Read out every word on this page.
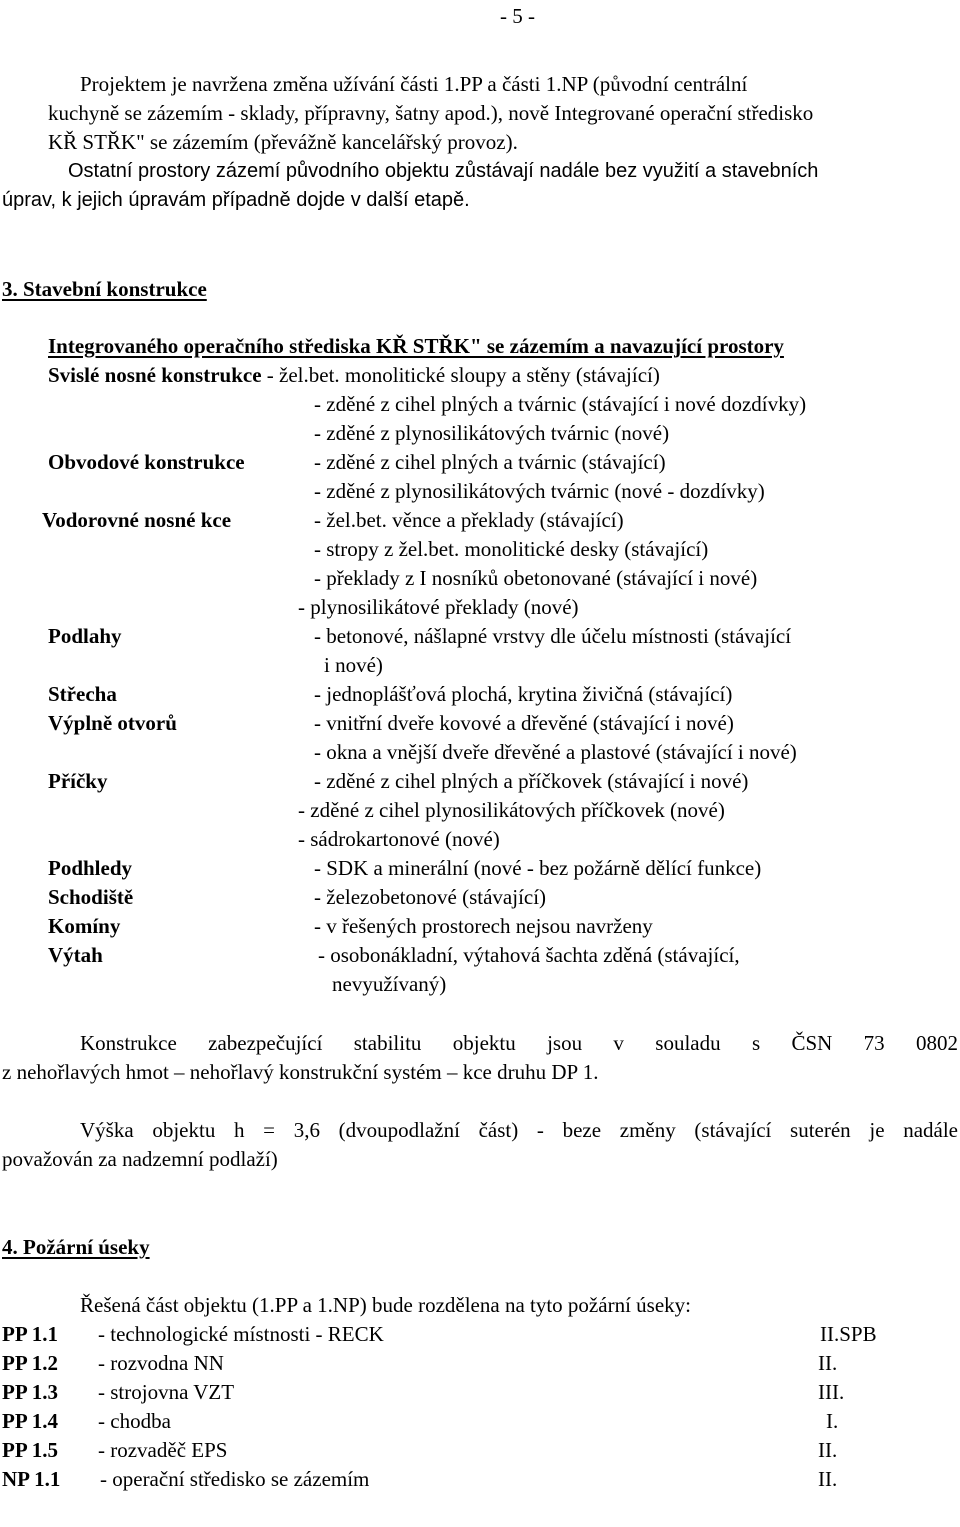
- 5 -

Projektem je navržena změna užívání části 1.PP a části 1.NP (původní centrální

kuchyně se zázemím - sklady, přípravny, šatny apod.), nově Integrované operační středisko

KŘ STŘK" se zázemím (převážně kancelářský provoz).

Ostatní prostory zázemí původního objektu zůstávají nadále bez využití a stavebních

úprav, k jejich úpravám případně dojde v další etapě.

3. Stavební konstrukce

Integrovaného operačního střediska KŘ STŘK" se zázemím a navazující prostory

Svislé nosné konstrukce - žel.bet. monolitické sloupy a stěny (stávající)

- zděné z cihel plných a tvárnic (stávající i nové dozdívky)

- zděné z plynosilikátových tvárnic (nové)

Obvodové konstrukce	- zděné z cihel plných a tvárnic (stávající)

- zděné z plynosilikátových tvárnic (nové - dozdívky)

Vodorovné nosné kce	- žel.bet. věnce a překlady (stávající)

- stropy z žel.bet. monolitické desky (stávající)

- překlady z I nosníků obetonované (stávající i nové)

- plynosilikátové překlady (nové)

Podlahy	- betonové, nášlapné vrstvy dle účelu místnosti (stávající

i nové)

Střecha	- jednoplášťová plochá, krytina živičná (stávající)

Výplně otvorů	- vnitřní dveře kovové a dřevěné (stávající i nové)

- okna a vnější dveře dřevěné a plastové (stávající i nové)

Příčky	- zděné z cihel plných a příčkovek (stávající i nové)

- zděné z cihel plynosilikátových příčkovek (nové)

- sádrokartonové (nové)

Podhledy	- SDK a minerální (nové - bez požárně dělící funkce)

Schodiště	- železobetonové (stávající)

Komíny	- v řešených prostorech nejsou navrženy

Výtah	- osobonákladní, výtahová šachta zděná (stávající,

nevyužívaný)

Konstrukce zabezpečující stabilitu objektu jsou v souladu s ČSN 73 0802

z nehořlavých hmot – nehořlavý konstrukční systém – kce druhu DP 1.

Výška objektu h = 3,6 (dvoupodlažní část) - beze změny (stávající suterén je nadále

považován za nadzemní podlaží)

4. Požární úseky

Řešená část objektu (1.PP a 1.NP) bude rozdělena na tyto požární úseky:

PP 1.1 - technologické místnosti - RECK	II.SPB

PP 1.2 - rozvodna NN	II.

PP 1.3 - strojovna VZT	III.

PP 1.4 - chodba	I.

PP 1.5 - rozvaděč EPS	II.

NP 1.1 - operační středisko se zázemím	II.
